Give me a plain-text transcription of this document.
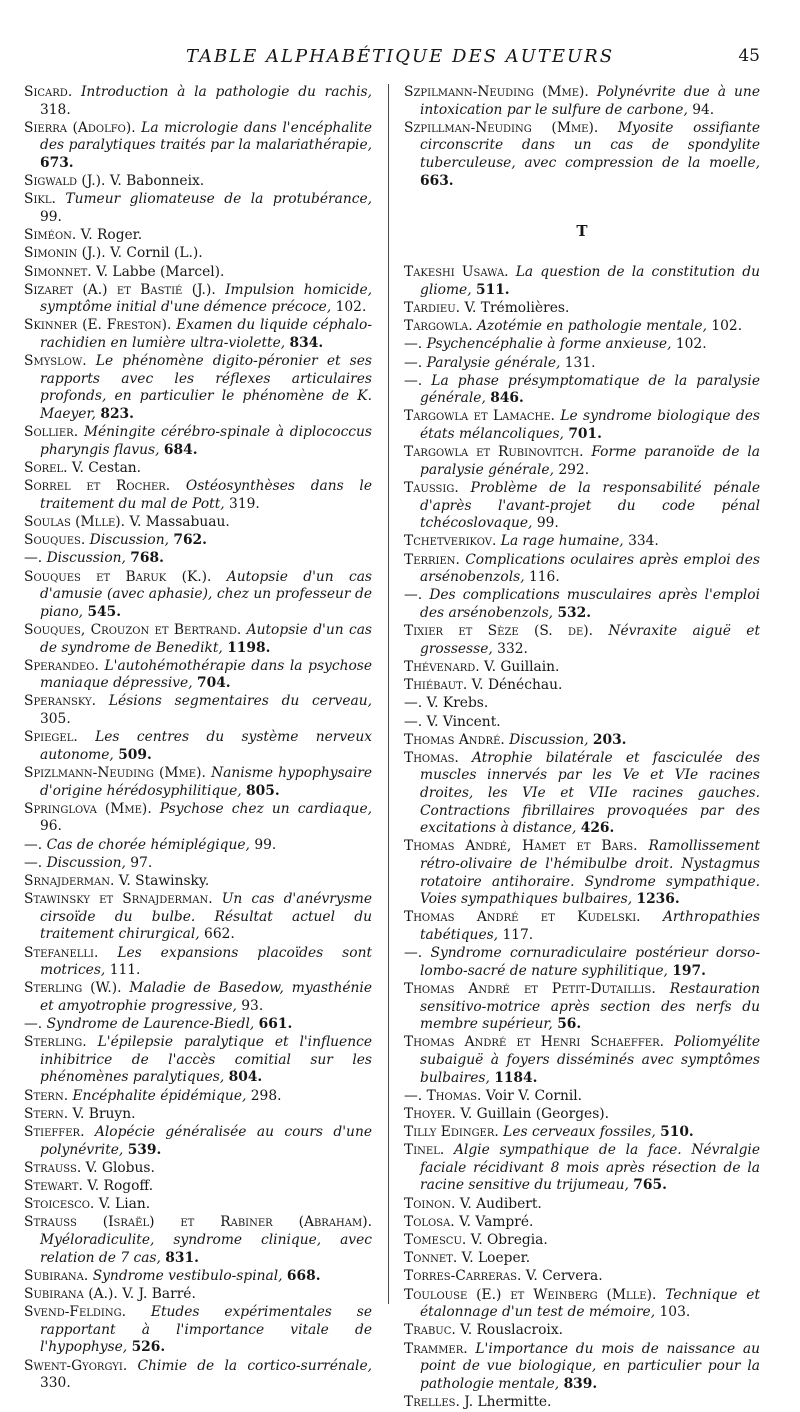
TABLE ALPHABÉTIQUE DES AUTEURS	45

Sicard. Introduction à la pathologie du rachis, 318.

Sierra (Adolfo). La micrologie dans l'encéphalite des paralytiques traités par la malariathérapie, 673.

Sigwald (J.). V. Babonneix.

Sikl. Tumeur gliomateuse de la protubérance, 99.

Siméon. V. Roger.

Simonin (J.). V. Cornil (L.).

Simonnet. V. Labbe (Marcel).

Sizaret (A.) et Bastié (J.). Impulsion homicide, symptôme initial d'une démence précoce, 102.

Skinner (E. Freston). Examen du liquide céphalo-rachidien en lumière ultra-violette, 834.

Smyslow. Le phénomène digito-péronier et ses rapports avec les réflexes articulaires profonds, en particulier le phénomène de K. Maeyer, 823.

Sollier. Méningite cérébro-spinale à diplococcus pharyngis flavus, 684.

Sorel. V. Cestan.

Sorrel et Rocher. Ostéosynthèses dans le traitement du mal de Pott, 319.

Soulas (Mlle). V. Massabuau.

Souques. Discussion, 762.

—. Discussion, 768.

Souques et Baruk (K.). Autopsie d'un cas d'amusie (avec aphasie), chez un professeur de piano, 545.

Souques, Crouzon et Bertrand. Autopsie d'un cas de syndrome de Benedikt, 1198.

Sperandeo. L'autohémothérapie dans la psychose maniaque dépressive, 704.

Speransky. Lésions segmentaires du cerveau, 305.

Spiegel. Les centres du système nerveux autonome, 509.

Spizlmann-Neuding (Mme). Nanisme hypophysaire d'origine hérédosyphilitique, 805.

Springlova (Mme). Psychose chez un cardiaque, 96.

—. Cas de chorée hémiplégique, 99.

—. Discussion, 97.

Srnajderman. V. Stawinsky.

Stawinsky et Srnajderman. Un cas d'anévrysme cirsoïde du bulbe. Résultat actuel du traitement chirurgical, 662.

Stefanelli. Les expansions placoïdes sont motrices, 111.

Sterling (W.). Maladie de Basedow, myasthénie et amyotrophie progressive, 93.

—. Syndrome de Laurence-Biedl, 661.

Sterling. L'épilepsie paralytique et l'influence inhibitrice de l'accès comitial sur les phénomènes paralytiques, 804.

Stern. Encéphalite épidémique, 298.

Stern. V. Bruyn.

Stieffer. Alopécie généralisée au cours d'une polynévrite, 539.

Strauss. V. Globus.

Stewart. V. Rogoff.

Stoicesco. V. Lian.

Strauss (Israël) et Rabiner (Abraham). Myéloradiculite, syndrome clinique, avec relation de 7 cas, 831.

Subirana. Syndrome vestibulo-spinal, 668.

Subirana (A.). V. J. Barré.

Svend-Felding. Etudes expérimentales se rapportant à l'importance vitale de l'hypophyse, 526.

Swent-Gyorgyi. Chimie de la cortico-surrénale, 330.

Szpilmann-Neuding (Mme). Polynévrite due à une intoxication par le sulfure de carbone, 94.

Szpillman-Neuding (Mme). Myosite ossifiante circonscrite dans un cas de spondylite tuberculeuse, avec compression de la moelle, 663.

T

Takeshi Usawa. La question de la constitution du gliome, 511.

Tardieu. V. Trémolières.

Targowla. Azotémie en pathologie mentale, 102.

—. Psychencéphalie à forme anxieuse, 102.

—. Paralysie générale, 131.

—. La phase présymptomatique de la paralysie générale, 846.

Targowla et Lamache. Le syndrome biologique des états mélancoliques, 701.

Targowla et Rubinovitch. Forme paranoïde de la paralysie générale, 292.

Taussig. Problème de la responsabilité pénale d'après l'avant-projet du code pénal tchécoslovaque, 99.

Tchetverikov. La rage humaine, 334.

Terrien. Complications oculaires après emploi des arsénobenzols, 116.

—. Des complications musculaires après l'emploi des arsénobenzols, 532.

Tixier et Sèze (S. de). Névraxite aiguë et grossesse, 332.

Thévenard. V. Guillain.

Thiébaut. V. Dénéchau.

—. V. Krebs.

—. V. Vincent.

Thomas André. Discussion, 203.

Thomas. Atrophie bilatérale et fasciculée des muscles innervés par les Ve et VIe racines droites, les VIe et VIIe racines gauches. Contractions fibrillaires provoquées par des excitations à distance, 426.

Thomas André, Hamet et Bars. Ramollissement rétro-olivaire de l'hémibulbe droit. Nystagmus rotatoire antihoraire. Syndrome sympathique. Voies sympathiques bulbaires, 1236.

Thomas André et Kudelski. Arthropathies tabétiques, 117.

—. Syndrome cornuradiculaire postérieur dorso-lombo-sacré de nature syphilitique, 197.

Thomas André et Petit-Dutaillis. Restauration sensitivo-motrice après section des nerfs du membre supérieur, 56.

Thomas André et Henri Schaeffer. Poliomyélite subaiguë à foyers disséminés avec symptômes bulbaires, 1184.

—. Thomas. Voir V. Cornil.

Thoyer. V. Guillain (Georges).

Tilly Edinger. Les cerveaux fossiles, 510.

Tinel. Algie sympathique de la face. Névralgie faciale récidivant 8 mois après résection de la racine sensitive du trijumeau, 765.

Toinon. V. Audibert.

Tolosa. V. Vampré.

Tomescu. V. Obregia.

Tonnet. V. Loeper.

Torres-Carreras. V. Cervera.

Toulouse (E.) et Weinberg (Mlle). Technique et étalonnage d'un test de mémoire, 103.

Trabuc. V. Rouslacroix.

Trammer. L'importance du mois de naissance au point de vue biologique, en particulier pour la pathologie mentale, 839.

Trelles. J. Lhermitte.
